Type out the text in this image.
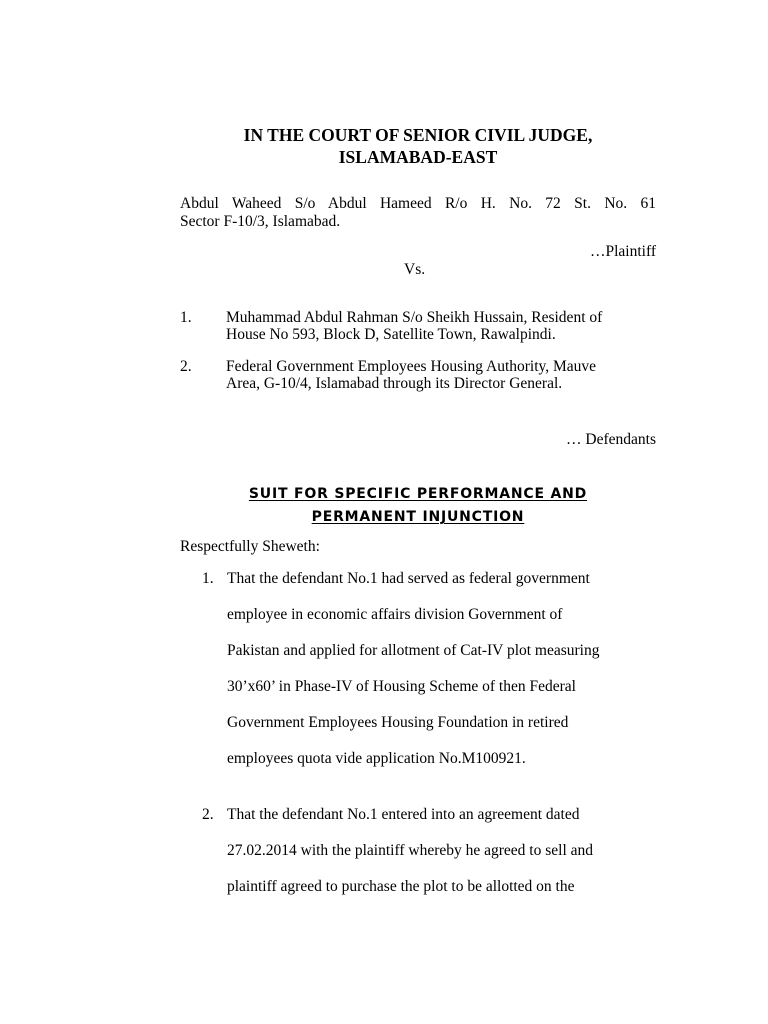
IN THE COURT OF SENIOR CIVIL JUDGE,
ISLAMABAD-EAST
Abdul Waheed S/o Abdul Hameed R/o H. No. 72 St. No. 61
Sector F-10/3, Islamabad.
…Plaintiff
Vs.
1. Muhammad Abdul Rahman S/o Sheikh Hussain, Resident of
House No 593, Block D, Satellite Town, Rawalpindi.
2. Federal Government Employees Housing Authority, Mauve
Area, G-10/4, Islamabad through its Director General.
… Defendants
SUIT FOR SPECIFIC PERFORMANCE AND
PERMANENT INJUNCTION
Respectfully Sheweth:
1. That the defendant No.1 had served as federal government
employee in economic affairs division Government of
Pakistan and applied for allotment of Cat-IV plot measuring
30’x60’ in Phase-IV of Housing Scheme of then Federal
Government Employees Housing Foundation in retired
employees quota vide application No.M100921.
2. That the defendant No.1 entered into an agreement dated
27.02.2014 with the plaintiff whereby he agreed to sell and
plaintiff agreed to purchase the plot to be allotted on the
